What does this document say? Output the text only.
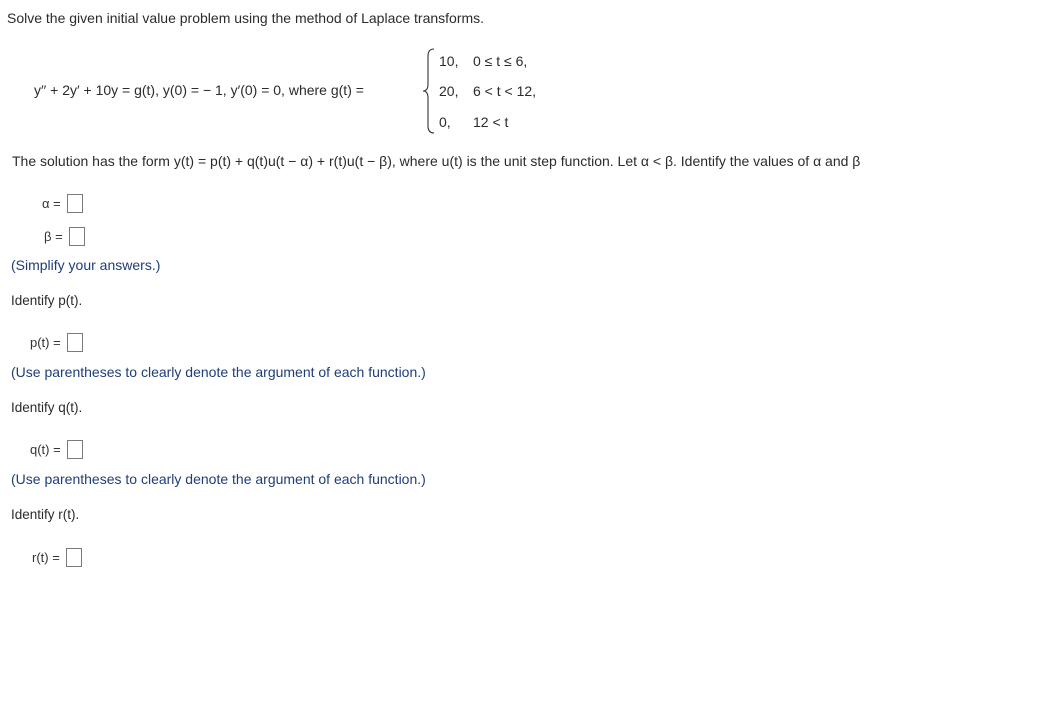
Solve the given initial value problem using the method of Laplace transforms.
y′′ + 2y′ + 10y = g(t), y(0) = − 1, y′(0) = 0, where g(t) =
10, 0 ≤ t ≤ 6,
20, 6 < t < 12,
0, 12 < t
The solution has the form y(t) = p(t) + q(t)u(t − α) + r(t)u(t − β), where u(t) is the unit step function. Let α < β. Identify the values of α and β
α =
β =
(Simplify your answers.)
Identify p(t).
p(t) =
(Use parentheses to clearly denote the argument of each function.)
Identify q(t).
q(t) =
(Use parentheses to clearly denote the argument of each function.)
Identify r(t).
r(t) =
